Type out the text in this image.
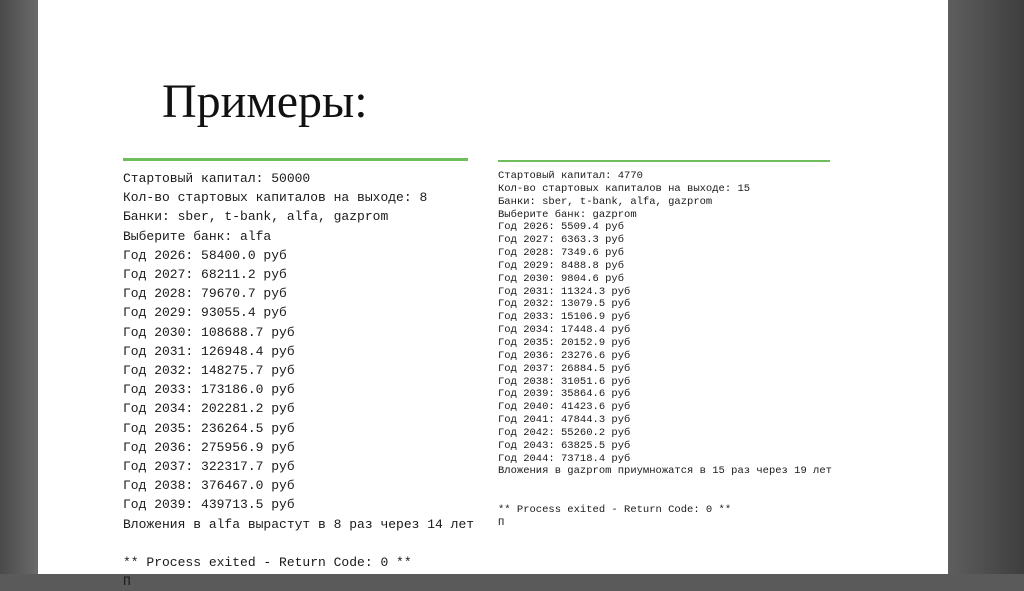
Примеры:
Стартовый капитал: 50000
Кол-во стартовых капиталов на выходе: 8
Банки: sber, t-bank, alfa, gazprom
Выберите банк: alfa
Год 2026: 58400.0 руб
Год 2027: 68211.2 руб
Год 2028: 79670.7 руб
Год 2029: 93055.4 руб
Год 2030: 108688.7 руб
Год 2031: 126948.4 руб
Год 2032: 148275.7 руб
Год 2033: 173186.0 руб
Год 2034: 202281.2 руб
Год 2035: 236264.5 руб
Год 2036: 275956.9 руб
Год 2037: 322317.7 руб
Год 2038: 376467.0 руб
Год 2039: 439713.5 руб
Вложения в alfa вырастут в 8 раз через 14 лет
** Process exited - Return Code: 0 **
П
Стартовый капитал: 4770
Кол-во стартовых капиталов на выходе: 15
Банки: sber, t-bank, alfa, gazprom
Выберите банк: gazprom
Год 2026: 5509.4 руб
Год 2027: 6363.3 руб
Год 2028: 7349.6 руб
Год 2029: 8488.8 руб
Год 2030: 9804.6 руб
Год 2031: 11324.3 руб
Год 2032: 13079.5 руб
Год 2033: 15106.9 руб
Год 2034: 17448.4 руб
Год 2035: 20152.9 руб
Год 2036: 23276.6 руб
Год 2037: 26884.5 руб
Год 2038: 31051.6 руб
Год 2039: 35864.6 руб
Год 2040: 41423.6 руб
Год 2041: 47844.3 руб
Год 2042: 55260.2 руб
Год 2043: 63825.5 руб
Год 2044: 73718.4 руб
Вложения в gazprom приумножатся в 15 раз через 19 лет
** Process exited - Return Code: 0 **
П
